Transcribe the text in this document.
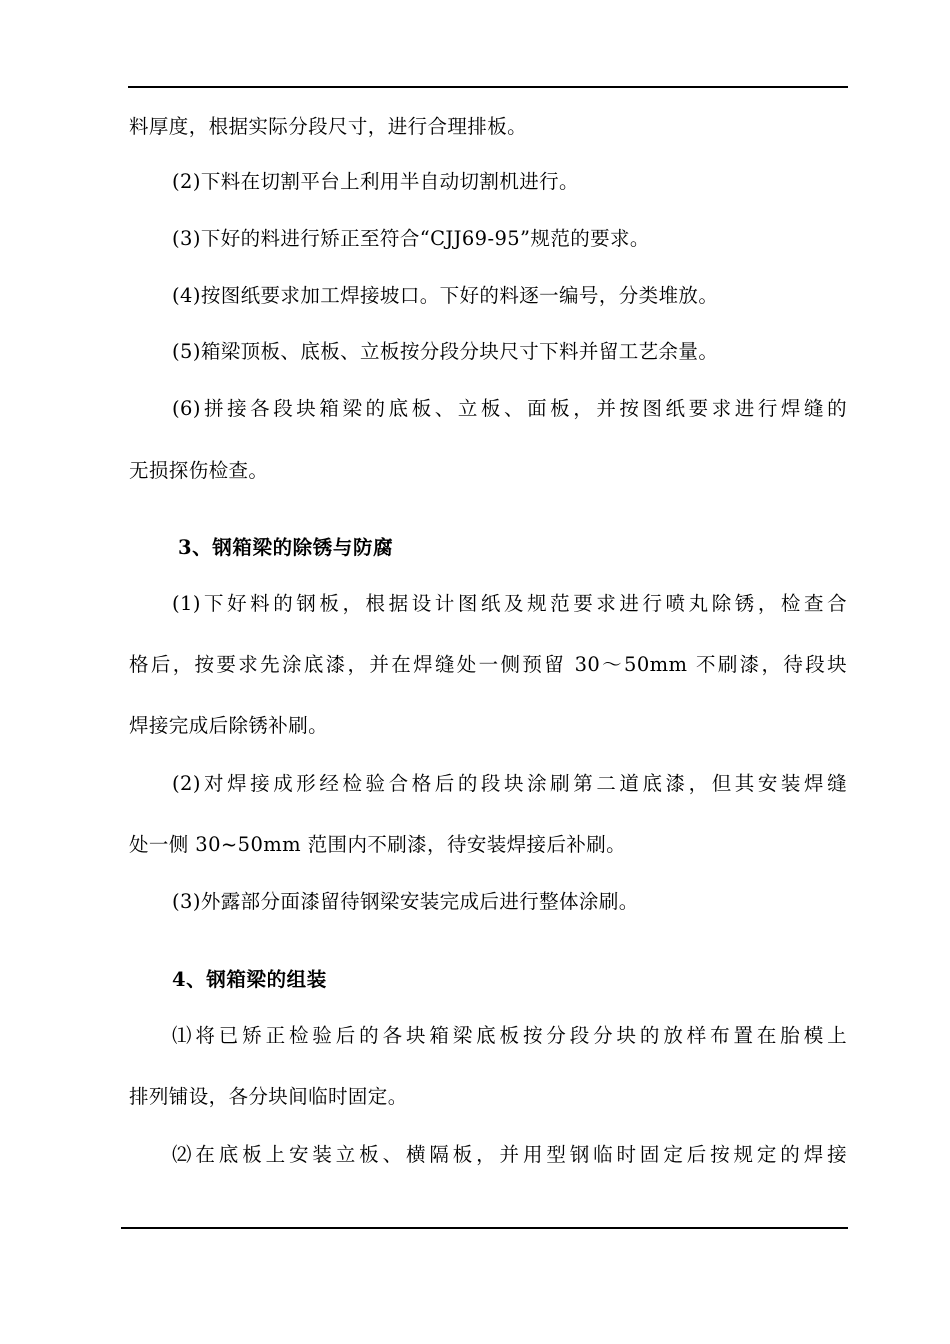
料厚度，根据实际分段尺寸，进行合理排板。
(2)下料在切割平台上利用半自动切割机进行。
(3)下好的料进行矫正至符合“CJJ69-95”规范的要求。
(4)按图纸要求加工焊接坡口。下好的料逐一编号，分类堆放。
(5)箱梁顶板、底板、立板按分段分块尺寸下料并留工艺余量。
(6)拼接各段块箱梁的底板、立板、面板，并按图纸要求进行焊缝的
无损探伤检查。
3、钢箱梁的除锈与防腐
(1)下好料的钢板，根据设计图纸及规范要求进行喷丸除锈，检查合
格后，按要求先涂底漆，并在焊缝处一侧预留 30～50mm 不刷漆，待段块
焊接完成后除锈补刷。
(2)对焊接成形经检验合格后的段块涂刷第二道底漆，但其安装焊缝
处一侧 30~50mm 范围内不刷漆，待安装焊接后补刷。
(3)外露部分面漆留待钢梁安装完成后进行整体涂刷。
4、钢箱梁的组装
⑴将已矫正检验后的各块箱梁底板按分段分块的放样布置在胎模上
排列铺设，各分块间临时固定。
⑵在底板上安装立板、横隔板，并用型钢临时固定后按规定的焊接
